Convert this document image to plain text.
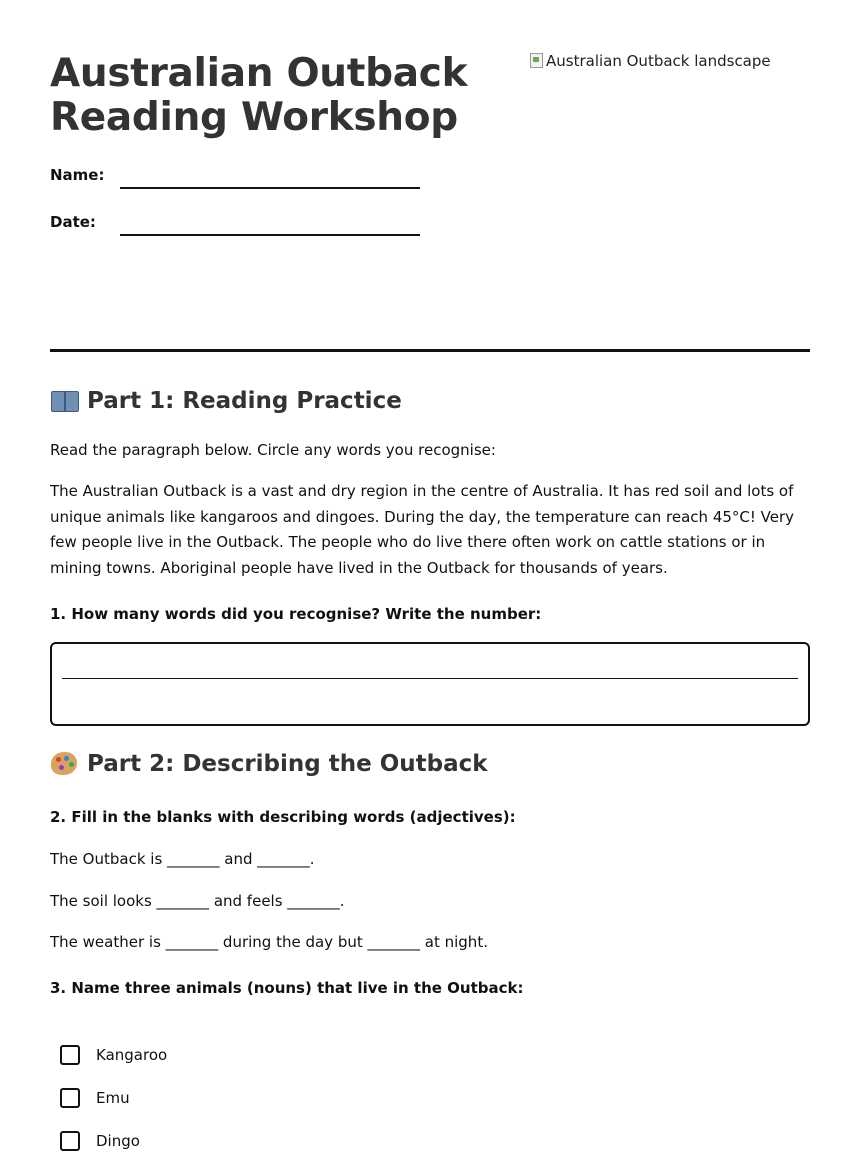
Australian Outback Reading Workshop
Name:
Date:
Australian Outback landscape
Part 1: Reading Practice

Read the paragraph below. Circle any words you recognise:

The Australian Outback is a vast and dry region in the centre of Australia. It has red soil and lots of unique animals like kangaroos and dingoes. During the day, the temperature can reach 45°C! Very few people live in the Outback. The people who do live there often work on cattle stations or in mining towns. Aboriginal people have lived in the Outback for thousands of years.

1. How many words did you recognise? Write the number:

Part 2: Describing the Outback

2. Fill in the blanks with describing words (adjectives):

The Outback is _______ and _______.

The soil looks _______ and feels _______.

The weather is _______ during the day but _______ at night.

3. Name three animals (nouns) that live in the Outback:

Kangaroo
Emu
Dingo
